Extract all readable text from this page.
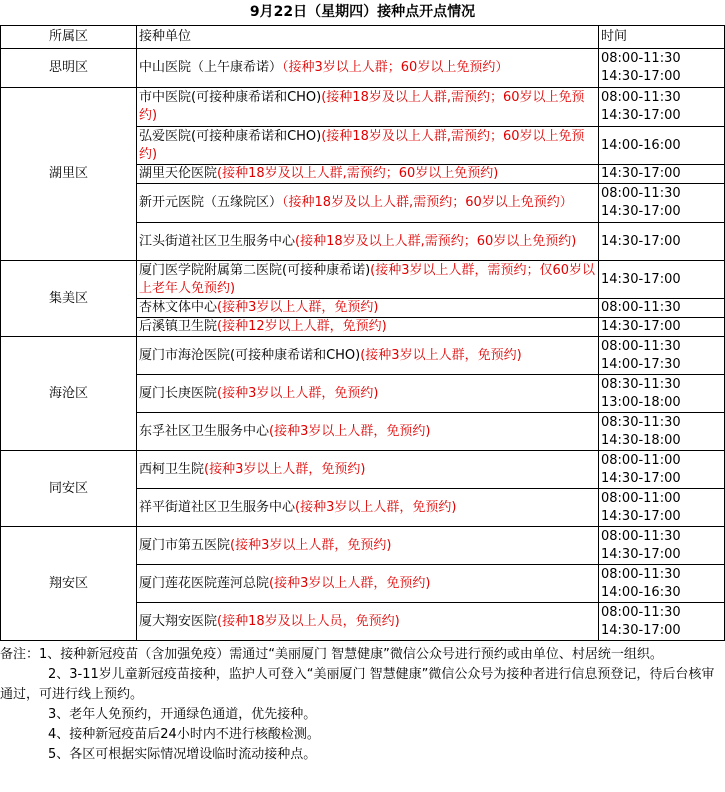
9月22日（星期四）接种点开点情况
所属区	接种单位	时间
思明区	中山医院（上午康希诺）（接种3岁以上人群；60岁以上免预约）	08:00-11:30
14:30-17:00

湖里区	市中医院(可接种康希诺和CHO)(接种18岁及以上人群,需预约；60岁以上免预约)	08:00-11:30
14:30-17:00

	弘爱医院(可接种康希诺和CHO)(接种18岁及以上人群,需预约；60岁以上免预约)	14:00-16:00

	湖里天伦医院(接种18岁及以上人群,需预约；60岁以上免预约)	14:30-17:00

	新开元医院（五缘院区）（接种18岁及以上人群,需预约；60岁以上免预约）	08:00-11:30
14:30-17:00

	江头街道社区卫生服务中心(接种18岁及以上人群,需预约；60岁以上免预约)	14:30-17:00

集美区	厦门医学院附属第二医院(可接种康希诺)(接种3岁以上人群，需预约；仅60岁以上老年人免预约)	14:30-17:00

	杏林文体中心(接种3岁以上人群，免预约)	08:00-11:30

	后溪镇卫生院(接种12岁以上人群，免预约)	14:30-17:00

海沧区	厦门市海沧医院(可接种康希诺和CHO)(接种3岁以上人群，免预约)	08:00-11:30
14:00-17:30

	厦门长庚医院(接种3岁以上人群，免预约)	08:30-11:30
13:00-18:00

	东孚社区卫生服务中心(接种3岁以上人群，免预约)	08:30-11:30
14:30-18:00

同安区	西柯卫生院(接种3岁以上人群，免预约)	08:00-11:00
14:30-17:00

	祥平街道社区卫生服务中心(接种3岁以上人群，免预约)	08:00-11:00
14:30-17:00

翔安区	厦门市第五医院(接种3岁以上人群，免预约)	08:00-11:30
14:30-17:00

	厦门莲花医院莲河总院(接种3岁以上人群，免预约)	08:00-11:30
14:00-16:30

	厦大翔安医院(接种18岁及以上人员，免预约)	08:00-11:30
14:30-17:00

备注：1、接种新冠疫苗（含加强免疫）需通过“美丽厦门 智慧健康”微信公众号进行预约或由单位、村居统一组织。

2、3-11岁儿童新冠疫苗接种，监护人可登入“美丽厦门 智慧健康”微信公众号为接种者进行信息预登记，待后台核审通过，可进行线上预约。

3、老年人免预约，开通绿色通道，优先接种。

4、接种新冠疫苗后24小时内不进行核酸检测。

5、各区可根据实际情况增设临时流动接种点。
